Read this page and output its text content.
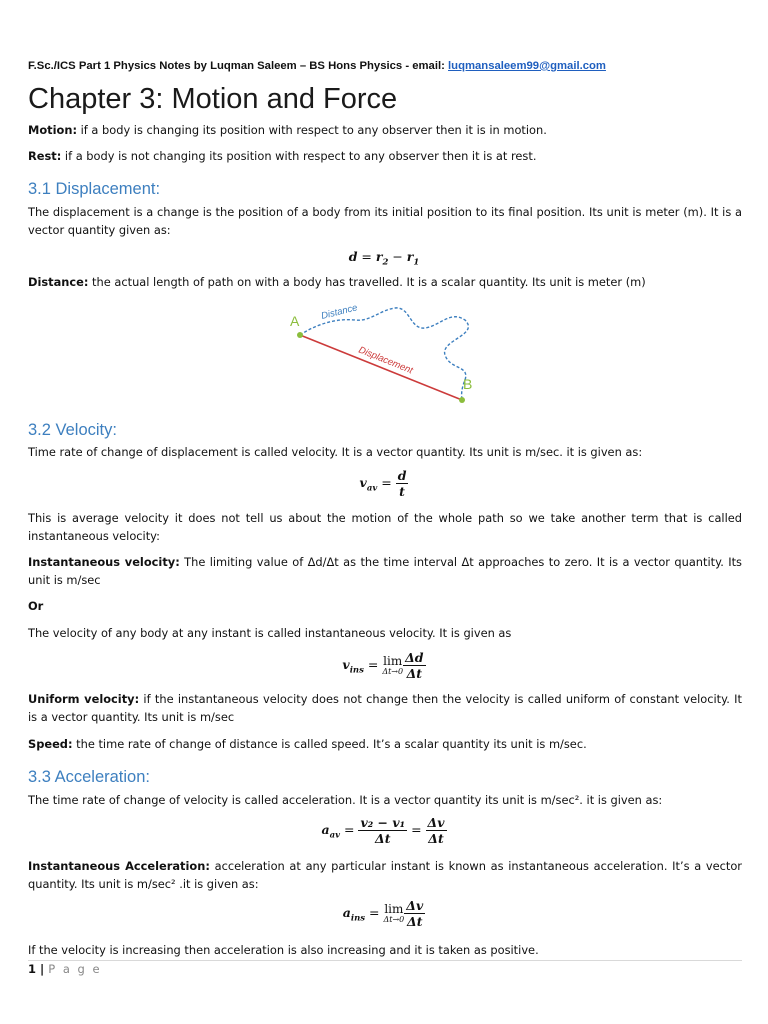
F.Sc./ICS Part 1 Physics Notes by Luqman Saleem – BS Hons Physics - email: luqmansaleem99@gmail.com
Chapter 3: Motion and Force
Motion: if a body is changing its position with respect to any observer then it is in motion.
Rest: if a body is not changing its position with respect to any observer then it is at rest.
3.1 Displacement:
The displacement is a change is the position of a body from its initial position to its final position. Its unit is meter (m). It is a vector quantity given as:
$d = r_2 - r_1$
Distance: the actual length of path on with a body has travelled. It is a scalar quantity. Its unit is meter (m)
A
B
Distance
Displacement
3.2 Velocity:
Time rate of change of displacement is called velocity. It is a vector quantity. Its unit is m/sec. it is given as:
$v_{av} = \frac{d}{t}$
This is average velocity it does not tell us about the motion of the whole path so we take another term that is called instantaneous velocity:
Instantaneous velocity: The limiting value of Δd/Δt as the time interval Δt approaches to zero. It is a vector quantity. Its unit is m/sec
Or
The velocity of any body at any instant is called instantaneous velocity. It is given as
$v_{ins} = \lim$
$\Delta t\to 0 \frac{\Delta d}{\Delta t}$
Uniform velocity: if the instantaneous velocity does not change then the velocity is called uniform of constant velocity. It is a vector quantity. Its unit is m/sec
Speed: the time rate of change of distance is called speed. It’s a scalar quantity its unit is m/sec.
3.3 Acceleration:
The time rate of change of velocity is called acceleration. It is a vector quantity its unit is m/sec². it is given as:
$a_{av} = \frac{\text{v₂ − v₁}}{\Delta t} = \frac{\Delta v}{\Delta t}$
Instantaneous Acceleration: acceleration at any particular instant is known as instantaneous acceleration. It’s a vector quantity. Its unit is m/sec² .it is given as:
$a_{ins} = \lim$
$\Delta t\to 0 \frac{\Delta v}{\Delta t}$
If the velocity is increasing then acceleration is also increasing and it is taken as positive.
1 | P a g e
